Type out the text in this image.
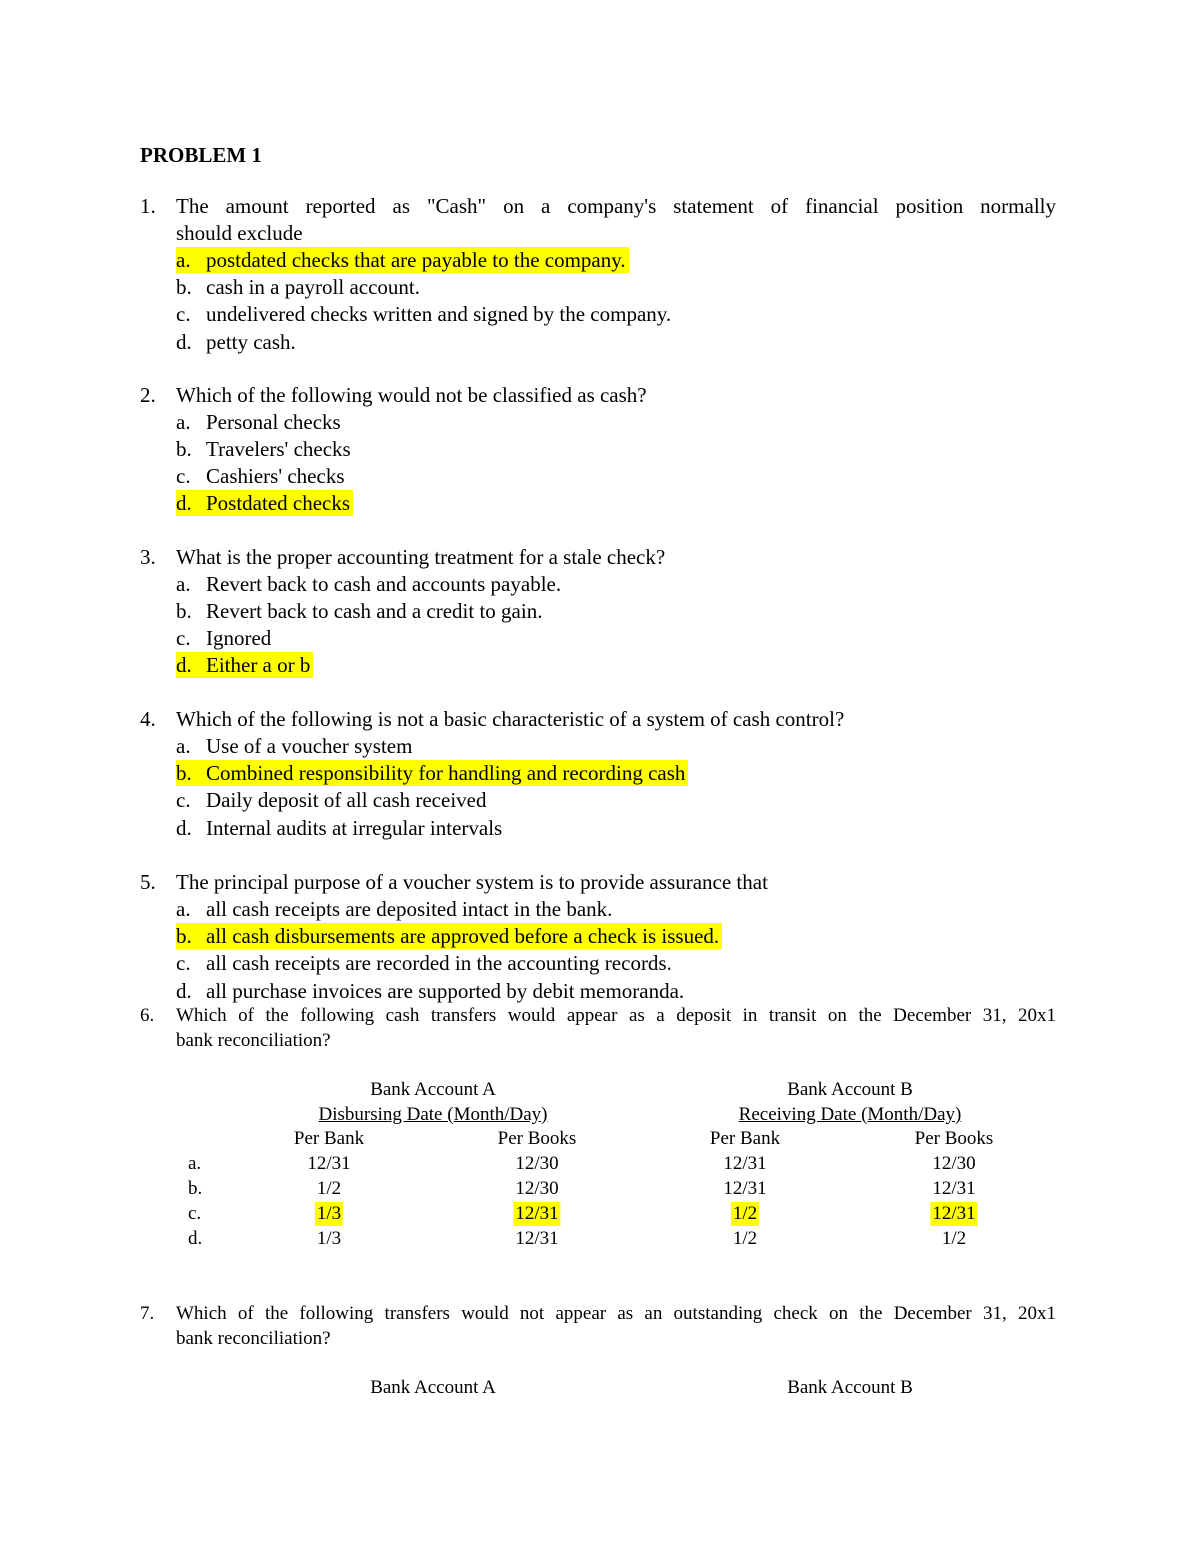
PROBLEM 1
1. The amount reported as "Cash" on a company's statement of financial position normally
should exclude
a. postdated checks that are payable to the company.
b. cash in a payroll account.
c. undelivered checks written and signed by the company.
d. petty cash.
2. Which of the following would not be classified as cash?
a. Personal checks
b. Travelers' checks
c. Cashiers' checks
d. Postdated checks
3. What is the proper accounting treatment for a stale check?
a. Revert back to cash and accounts payable.
b. Revert back to cash and a credit to gain.
c. Ignored
d. Either a or b
4. Which of the following is not a basic characteristic of a system of cash control?
a. Use of a voucher system
b. Combined responsibility for handling and recording cash
c. Daily deposit of all cash received
d. Internal audits at irregular intervals
5. The principal purpose of a voucher system is to provide assurance that
a. all cash receipts are deposited intact in the bank.
b. all cash disbursements are approved before a check is issued.
c. all cash receipts are recorded in the accounting records.
d. all purchase invoices are supported by debit memoranda.
6. Which of the following cash transfers would appear as a deposit in transit on the December 31, 20x1
bank reconciliation?
Bank Account A	Bank Account B
Disbursing Date (Month/Day)	Receiving Date (Month/Day)
Per Bank	Per Books	Per Bank	Per Books
a.	12/31	12/30	12/31	12/30
b.	1/2	12/30	12/31	12/31
c.	1/3	12/31	1/2	12/31
d.	1/3	12/31	1/2	1/2
7. Which of the following transfers would not appear as an outstanding check on the December 31, 20x1
bank reconciliation?
Bank Account A	Bank Account B
